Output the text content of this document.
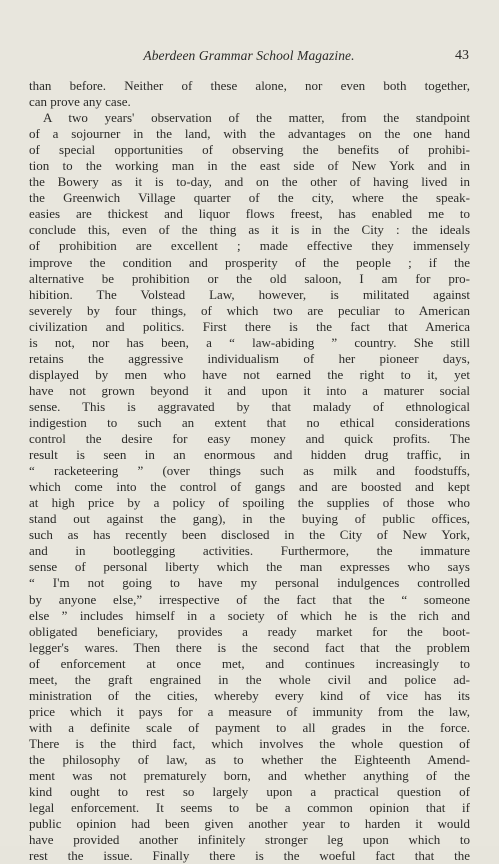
Aberdeen Grammar School Magazine.	43
than before. Neither of these alone, nor even both together,
can prove any case.
A two years' observation of the matter, from the standpoint
of a sojourner in the land, with the advantages on the one hand
of special opportunities of observing the benefits of prohibi-
tion to the working man in the east side of New York and in
the Bowery as it is to-day, and on the other of having lived in
the Greenwich Village quarter of the city, where the speak-
easies are thickest and liquor flows freest, has enabled me to
conclude this, even of the thing as it is in the City : the ideals
of prohibition are excellent ; made effective they immensely
improve the condition and prosperity of the people ; if the
alternative be prohibition or the old saloon, I am for pro-
hibition. The Volstead Law, however, is militated against
severely by four things, of which two are peculiar to American
civilization and politics. First there is the fact that America
is not, nor has been, a “ law-abiding ” country. She still
retains the aggressive individualism of her pioneer days,
displayed by men who have not earned the right to it, yet
have not grown beyond it and upon it into a maturer social
sense. This is aggravated by that malady of ethnological
indigestion to such an extent that no ethical considerations
control the desire for easy money and quick profits. The
result is seen in an enormous and hidden drug traffic, in
“ racketeering ” (over things such as milk and foodstuffs,
which come into the control of gangs and are boosted and kept
at high price by a policy of spoiling the supplies of those who
stand out against the gang), in the buying of public offices,
such as has recently been disclosed in the City of New York,
and in bootlegging activities. Furthermore, the immature
sense of personal liberty which the man expresses who says
“ I'm not going to have my personal indulgences controlled
by anyone else,” irrespective of the fact that the “ someone
else ” includes himself in a society of which he is the rich and
obligated beneficiary, provides a ready market for the boot-
legger's wares. Then there is the second fact that the problem
of enforcement at once met, and continues increasingly to
meet, the graft engrained in the whole civil and police ad-
ministration of the cities, whereby every kind of vice has its
price which it pays for a measure of immunity from the law,
with a definite scale of payment to all grades in the force.
There is the third fact, which involves the whole question of
the philosophy of law, as to whether the Eighteenth Amend-
ment was not prematurely born, and whether anything of the
kind ought to rest so largely upon a practical question of
legal enforcement. It seems to be a common opinion that if
public opinion had been given another year to harden it would
have provided another infinitely stronger leg upon which to
rest the issue. Finally there is the woeful fact that the
